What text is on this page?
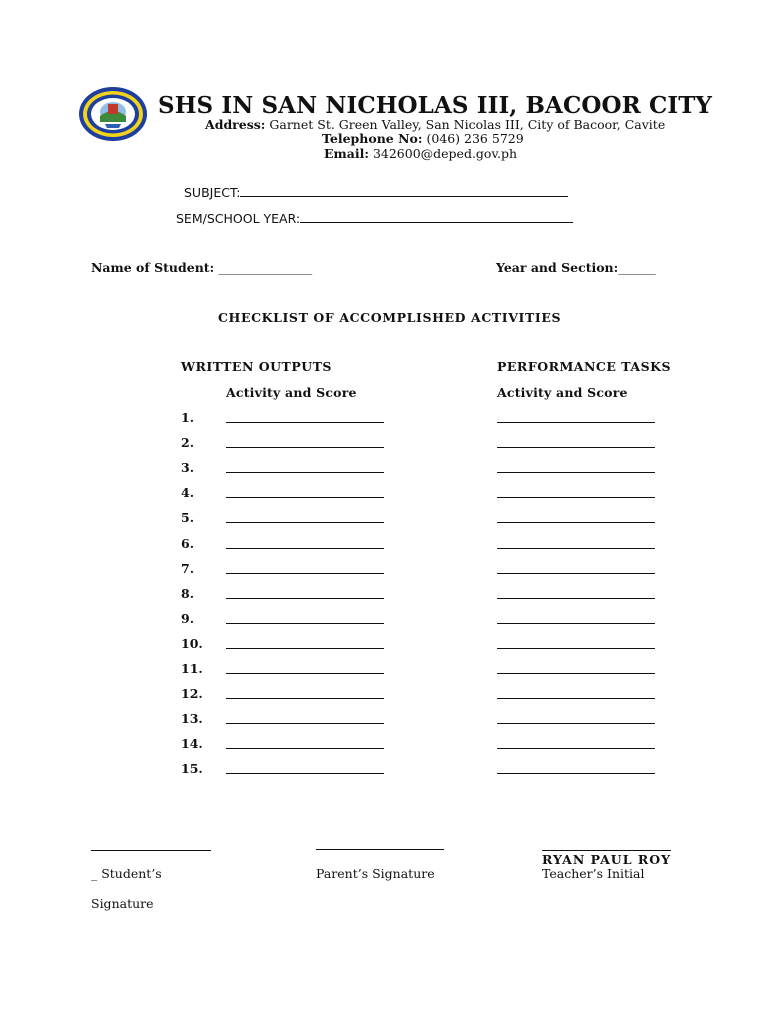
SHS IN SAN NICHOLAS III, BACOOR CITY
Address: Garnet St. Green Valley, San Nicolas III, City of Bacoor, Cavite
Telephone No: (046) 236 5729
Email: 342600@deped.gov.ph
SUBJECT:
SEM/SCHOOL YEAR:
Name of Student: _______________	Year and Section:______
CHECKLIST OF ACCOMPLISHED ACTIVITIES
WRITTEN OUTPUTS	PERFORMANCE TASKS
Activity and Score	Activity and Score
1.
2.
3.
4.
5.
6.
7.
8.
9.
10.
11.
12.
13.
14.
15.
_ Student’s
Signature
Parent’s Signature
RYAN PAUL ROY
Teacher’s Initial
